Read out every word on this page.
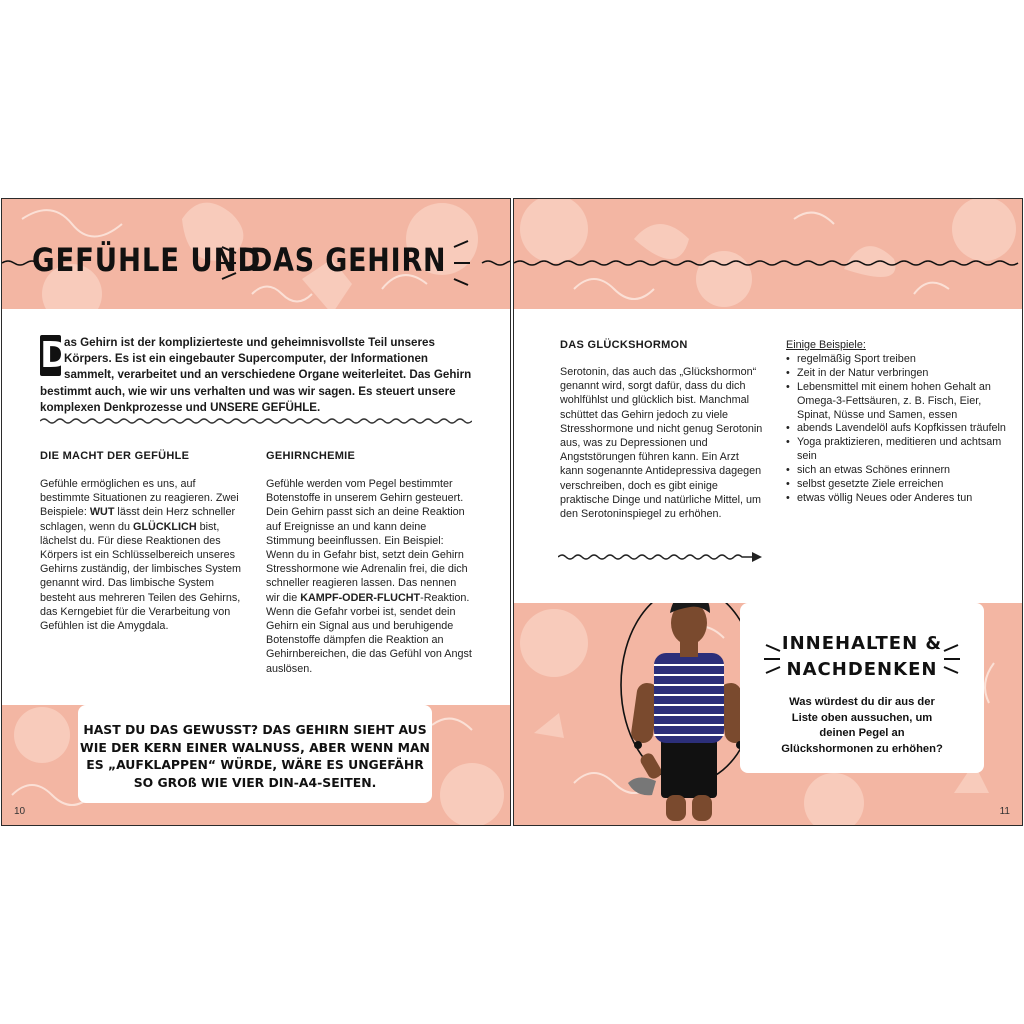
GEFÜHLE UND
DAS GEHIRN
D
as Gehirn ist der komplizierteste und geheimnisvollste Teil unseres Körpers. Es ist ein eingebauter Supercomputer, der Informationen sammelt, verarbeitet und an verschiedene Organe weiterleitet. Das Gehirn bestimmt auch, wie wir uns verhalten und was wir sagen. Es steuert unsere komplexen Denkprozesse und UNSERE GEFÜHLE.
DIE MACHT DER GEFÜHLE
Gefühle ermöglichen es uns, auf bestimmte Situationen zu reagieren. Zwei Beispiele: WUT lässt dein Herz schneller schlagen, wenn du GLÜCKLICH bist, lächelst du. Für diese Reaktionen des Körpers ist ein Schlüsselbereich unseres Gehirns zuständig, der limbisches System genannt wird. Das limbische System besteht aus mehreren Teilen des Gehirns, das Kerngebiet für die Verarbeitung von Gefühlen ist die Amygdala.
GEHIRNCHEMIE
Gefühle werden vom Pegel bestimmter Botenstoffe in unserem Gehirn gesteuert. Dein Gehirn passt sich an deine Reaktion auf Ereignisse an und kann deine Stimmung beeinflussen. Ein Beispiel: Wenn du in Gefahr bist, setzt dein Gehirn Stresshormone wie Adrenalin frei, die dich schneller reagieren lassen. Das nennen wir die KAMPF-ODER-FLUCHT-Reaktion. Wenn die Gefahr vorbei ist, sendet dein Gehirn ein Signal aus und beruhigende Botenstoffe dämpfen die Reaktion an Gehirnbereichen, die das Gefühl von Angst auslösen.
HAST DU DAS GEWUSST? DAS GEHIRN SIEHT AUS
WIE DER KERN EINER WALNUSS, ABER WENN MAN
ES „AUFKLAPPEN“ WÜRDE, WÄRE ES UNGEFÄHR
SO GROß WIE VIER DIN-A4-SEITEN.
10
DAS GLÜCKSHORMON
Serotonin, das auch das „Glückshormon“ genannt wird, sorgt dafür, dass du dich wohlfühlst und glücklich bist. Manchmal schüttet das Gehirn jedoch zu viele Stresshormone und nicht genug Serotonin aus, was zu Depressionen und Angststörungen führen kann. Ein Arzt kann sogenannte Antidepressiva dagegen verschreiben, doch es gibt einige praktische Dinge und natürliche Mittel, um den Serotoninspiegel zu erhöhen.
Einige Beispiele:
• regelmäßig Sport treiben
• Zeit in der Natur verbringen
• Lebensmittel mit einem hohen Gehalt an Omega-3-Fettsäuren, z. B. Fisch, Eier, Spinat, Nüsse und Samen, essen
• abends Lavendelöl aufs Kopfkissen träufeln
• Yoga praktizieren, meditieren und achtsam sein
• sich an etwas Schönes erinnern
• selbst gesetzte Ziele erreichen
• etwas völlig Neues oder Anderes tun
INNEHALTEN &
NACHDENKEN
Was würdest du dir aus der Liste oben aussuchen, um deinen Pegel an Glückshormonen zu erhöhen?
11
